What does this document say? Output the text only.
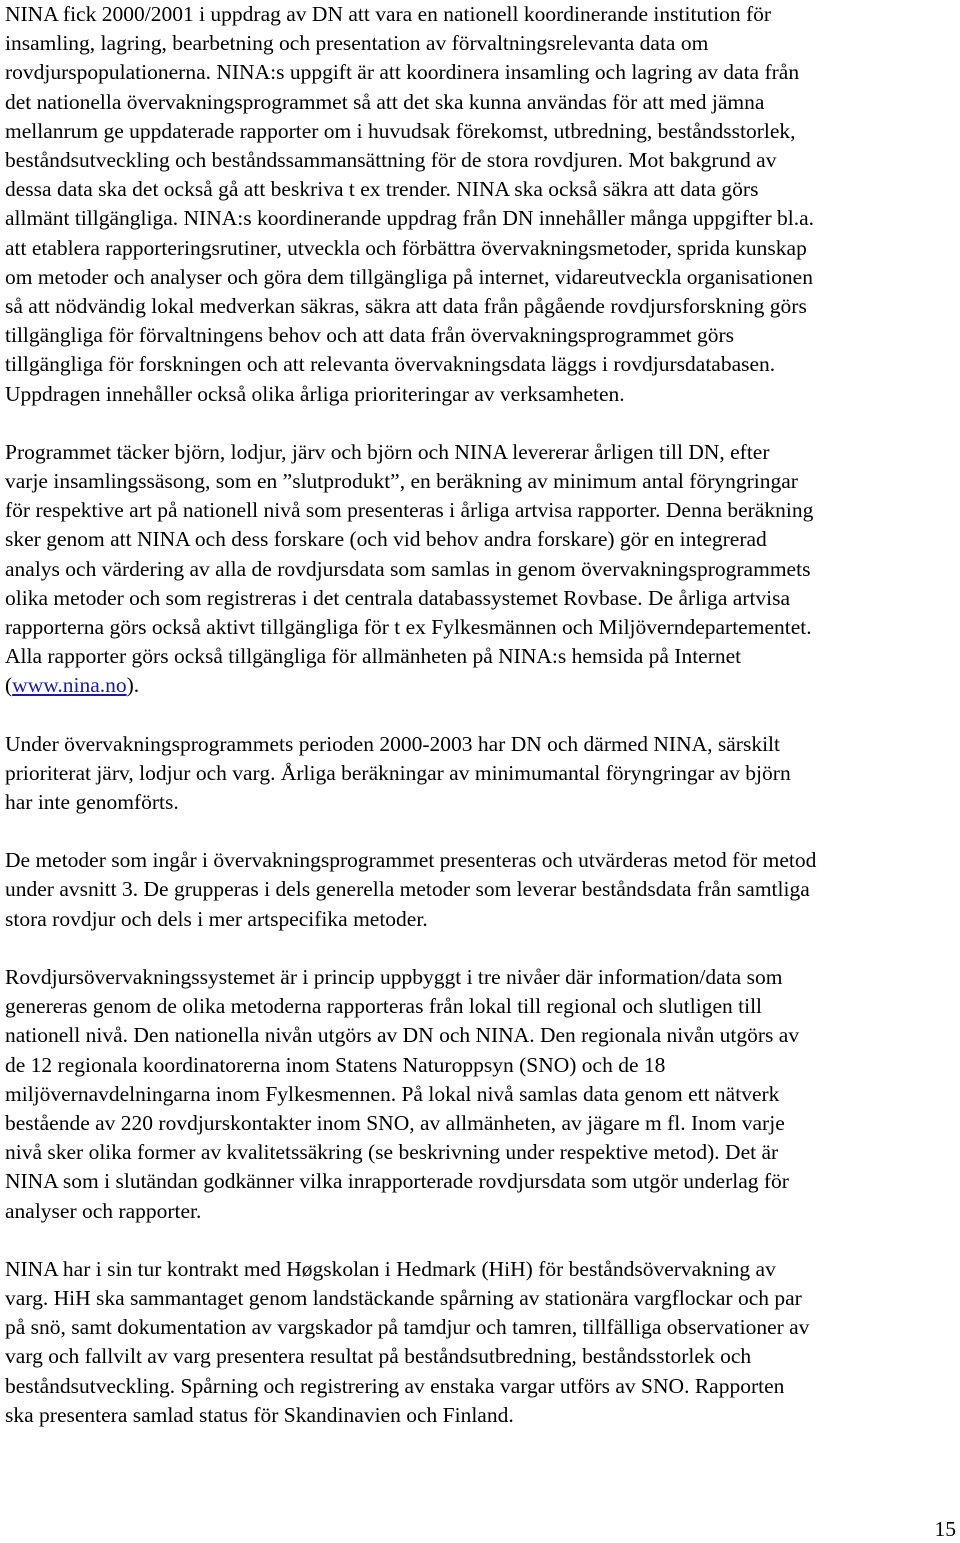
NINA fick 2000/2001 i uppdrag av DN att vara en nationell koordinerande institution för
insamling, lagring, bearbetning och presentation av förvaltningsrelevanta data om
rovdjurspopulationerna. NINA:s uppgift är att koordinera insamling och lagring av data från
det nationella övervakningsprogrammet så att det ska kunna användas för att med jämna
mellanrum ge uppdaterade rapporter om i huvudsak förekomst, utbredning, beståndsstorlek,
beståndsutveckling och beståndssammansättning för de stora rovdjuren. Mot bakgrund av
dessa data ska det också gå att beskriva t ex trender. NINA ska också säkra att data görs
allmänt tillgängliga. NINA:s koordinerande uppdrag från DN innehåller många uppgifter bl.a.
att etablera rapporteringsrutiner, utveckla och förbättra övervakningsmetoder, sprida kunskap
om metoder och analyser och göra dem tillgängliga på internet, vidareutveckla organisationen
så att nödvändig lokal medverkan säkras, säkra att data från pågående rovdjursforskning görs
tillgängliga för förvaltningens behov och att data från övervakningsprogrammet görs
tillgängliga för forskningen och att relevanta övervakningsdata läggs i rovdjursdatabasen.
Uppdragen innehåller också olika årliga prioriteringar av verksamheten.

Programmet täcker björn, lodjur, järv och björn och NINA levererar årligen till DN, efter
varje insamlingssäsong, som en ”slutprodukt”, en beräkning av minimum antal föryngringar
för respektive art på nationell nivå som presenteras i årliga artvisa rapporter. Denna beräkning
sker genom att NINA och dess forskare (och vid behov andra forskare) gör en integrerad
analys och värdering av alla de rovdjursdata som samlas in genom övervakningsprogrammets
olika metoder och som registreras i det centrala databassystemet Rovbase. De årliga artvisa
rapporterna görs också aktivt tillgängliga för t ex Fylkesmännen och Miljöverndepartementet.
Alla rapporter görs också tillgängliga för allmänheten på NINA:s hemsida på Internet
(www.nina.no).

Under övervakningsprogrammets perioden 2000-2003 har DN och därmed NINA, särskilt
prioriterat järv, lodjur och varg. Årliga beräkningar av minimumantal föryngringar av björn
har inte genomförts.

De metoder som ingår i övervakningsprogrammet presenteras och utvärderas metod för metod
under avsnitt 3. De grupperas i dels generella metoder som leverar beståndsdata från samtliga
stora rovdjur och dels i mer artspecifika metoder.

Rovdjursövervakningssystemet är i princip uppbyggt i tre nivåer där information/data som
genereras genom de olika metoderna rapporteras från lokal till regional och slutligen till
nationell nivå. Den nationella nivån utgörs av DN och NINA. Den regionala nivån utgörs av
de 12 regionala koordinatorerna inom Statens Naturoppsyn (SNO) och de 18
miljövernavdelningarna inom Fylkesmennen. På lokal nivå samlas data genom ett nätverk
bestående av 220 rovdjurskontakter inom SNO, av allmänheten, av jägare m fl. Inom varje
nivå sker olika former av kvalitetssäkring (se beskrivning under respektive metod). Det är
NINA som i slutändan godkänner vilka inrapporterade rovdjursdata som utgör underlag för
analyser och rapporter.

NINA har i sin tur kontrakt med Høgskolan i Hedmark (HiH) för beståndsövervakning av
varg. HiH ska sammantaget genom landstäckande spårning av stationära vargflockar och par
på snö, samt dokumentation av vargskador på tamdjur och tamren, tillfälliga observationer av
varg och fallvilt av varg presentera resultat på beståndsutbredning, beståndsstorlek och
beståndsutveckling. Spårning och registrering av enstaka vargar utförs av SNO. Rapporten
ska presentera samlad status för Skandinavien och Finland.

15
